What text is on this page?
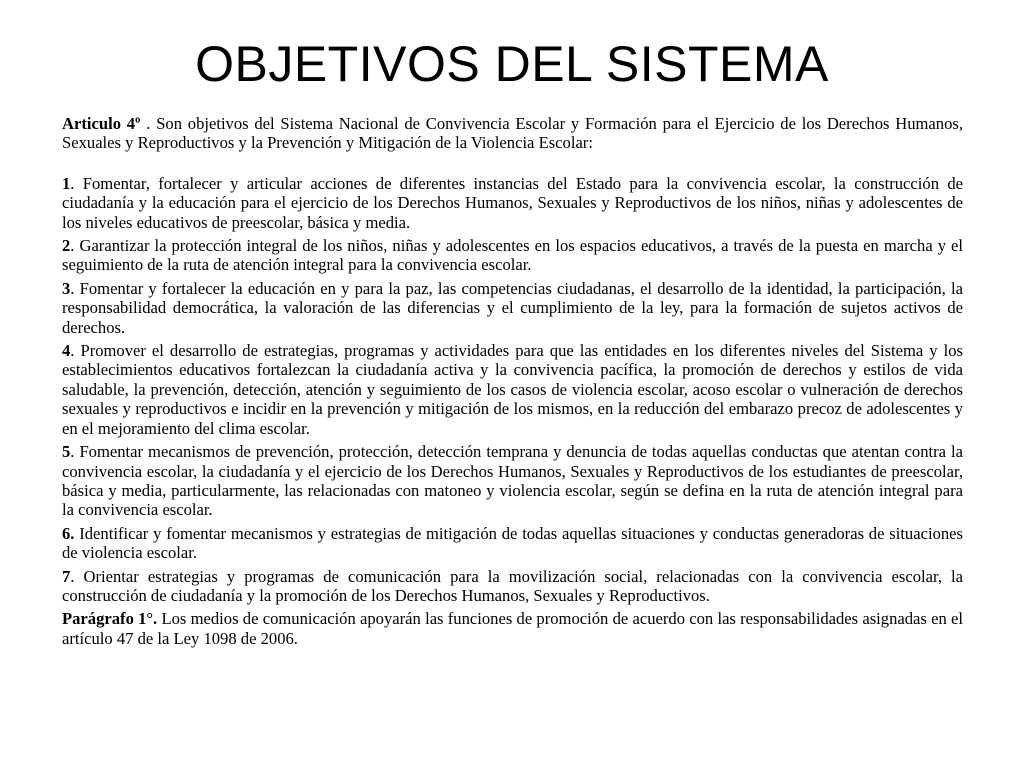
OBJETIVOS DEL SISTEMA

Articulo 4º . Son objetivos del Sistema Nacional de Convivencia Escolar y Formación para el Ejercicio de los Derechos Humanos, Sexuales y Reproductivos y la Prevención y Mitigación de la Violencia Escolar:

1. Fomentar, fortalecer y articular acciones de diferentes instancias del Estado para la convivencia escolar, la construcción de ciudadanía y la educación para el ejercicio de los Derechos Humanos, Sexuales y Reproductivos de los niños, niñas y adolescentes de los niveles educativos de preescolar, básica y media.

2. Garantizar la protección integral de los niños, niñas y adolescentes en los espacios educativos, a través de la puesta en marcha y el seguimiento de la ruta de atención integral para la convivencia escolar.

3. Fomentar y fortalecer la educación en y para la paz, las competencias ciudadanas, el desarrollo de la identidad, la participación, la responsabilidad democrática, la valoración de las diferencias y el cumplimiento de la ley, para la formación de sujetos activos de derechos.

4. Promover el desarrollo de estrategias, programas y actividades para que las entidades en los diferentes niveles del Sistema y los establecimientos educativos fortalezcan la ciudadanía activa y la convivencia pacífica, la promoción de derechos y estilos de vida saludable, la prevención, detección, atención y seguimiento de los casos de violencia escolar, acoso escolar o vulneración de derechos sexuales y reproductivos e incidir en la prevención y mitigación de los mismos, en la reducción del embarazo precoz de adolescentes y en el mejoramiento del clima escolar.

5. Fomentar mecanismos de prevención, protección, detección temprana y denuncia de todas aquellas conductas que atentan contra la convivencia escolar, la ciudadanía y el ejercicio de los Derechos Humanos, Sexuales y Reproductivos de los estudiantes de preescolar, básica y media, particularmente, las relacionadas con matoneo y violencia escolar, según se defina en la ruta de atención integral para la convivencia escolar.

6. Identificar y fomentar mecanismos y estrategias de mitigación de todas aquellas situaciones y conductas generadoras de situaciones de violencia escolar.

7. Orientar estrategias y programas de comunicación para la movilización social, relacionadas con la convivencia escolar, la construcción de ciudadanía y la promoción de los Derechos Humanos, Sexuales y Reproductivos.

Parágrafo 1°. Los medios de comunicación apoyarán las funciones de promoción de acuerdo con las responsabilidades asignadas en el artículo 47 de la Ley 1098 de 2006.
